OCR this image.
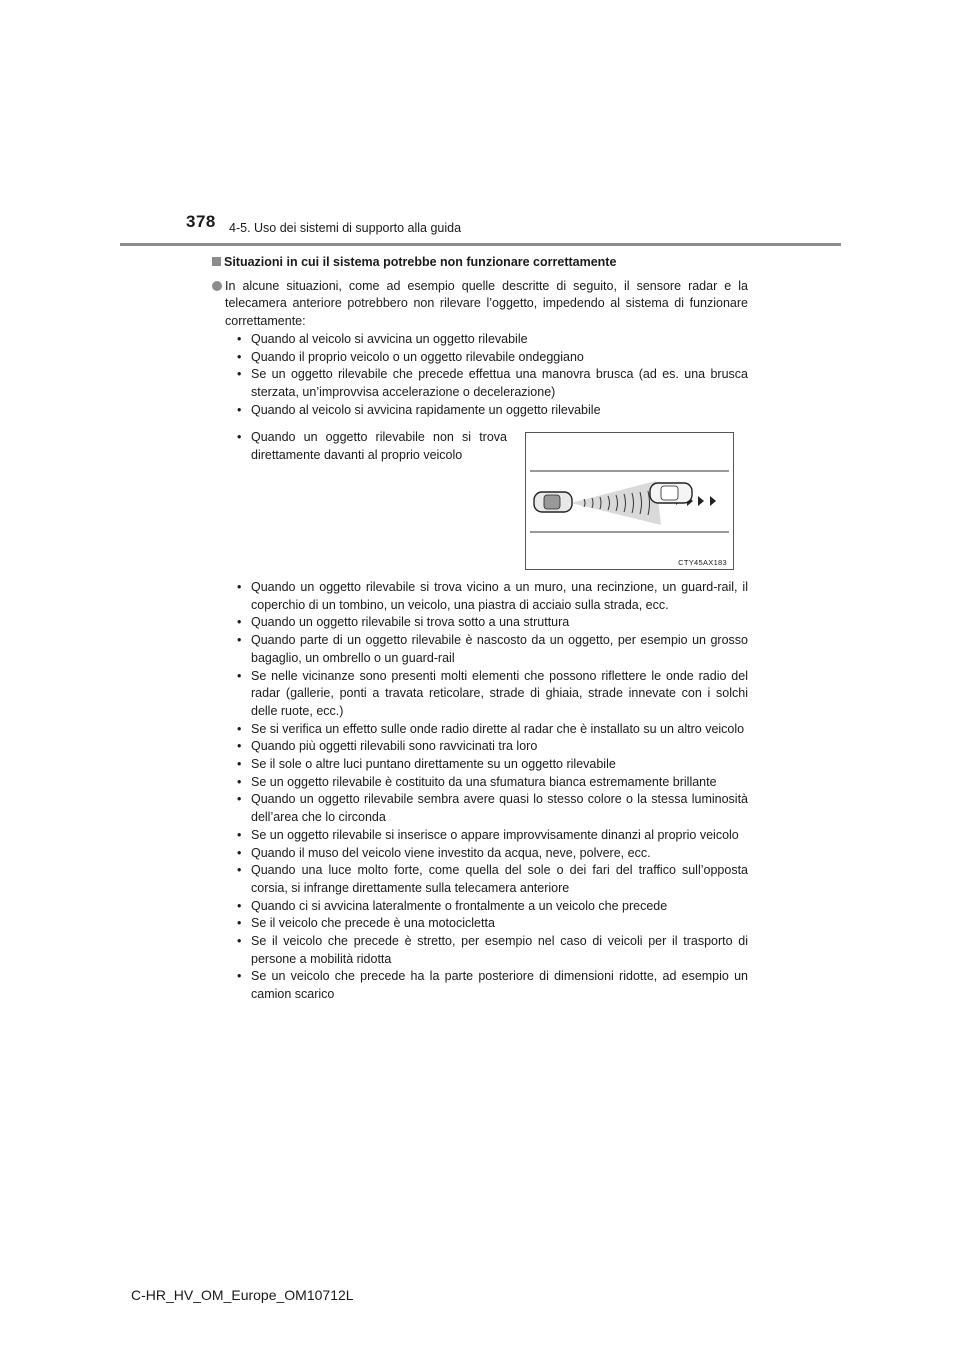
378 4-5. Uso dei sistemi di supporto alla guida

Situazioni in cui il sistema potrebbe non funzionare correttamente

In alcune situazioni, come ad esempio quelle descritte di seguito, il sensore radar e la telecamera anteriore potrebbero non rilevare l’oggetto, impedendo al sistema di funzionare correttamente:
• Quando al veicolo si avvicina un oggetto rilevabile
• Quando il proprio veicolo o un oggetto rilevabile ondeggiano
• Se un oggetto rilevabile che precede effettua una manovra brusca (ad es. una brusca sterzata, un’improvvisa accelerazione o decelerazione)
• Quando al veicolo si avvicina rapidamente un oggetto rilevabile
• Quando un oggetto rilevabile non si trova direttamente davanti al proprio veicolo
CTY45AX183
• Quando un oggetto rilevabile si trova vicino a un muro, una recinzione, un guard-rail, il coperchio di un tombino, un veicolo, una piastra di acciaio sulla strada, ecc.
• Quando un oggetto rilevabile si trova sotto a una struttura
• Quando parte di un oggetto rilevabile è nascosto da un oggetto, per esempio un grosso bagaglio, un ombrello o un guard-rail
• Se nelle vicinanze sono presenti molti elementi che possono riflettere le onde radio del radar (gallerie, ponti a travata reticolare, strade di ghiaia, strade innevate con i solchi delle ruote, ecc.)
• Se si verifica un effetto sulle onde radio dirette al radar che è installato su un altro veicolo
• Quando più oggetti rilevabili sono ravvicinati tra loro
• Se il sole o altre luci puntano direttamente su un oggetto rilevabile
• Se un oggetto rilevabile è costituito da una sfumatura bianca estremamente brillante
• Quando un oggetto rilevabile sembra avere quasi lo stesso colore o la stessa luminosità dell’area che lo circonda
• Se un oggetto rilevabile si inserisce o appare improvvisamente dinanzi al proprio veicolo
• Quando il muso del veicolo viene investito da acqua, neve, polvere, ecc.
• Quando una luce molto forte, come quella del sole o dei fari del traffico sull’opposta corsia, si infrange direttamente sulla telecamera anteriore
• Quando ci si avvicina lateralmente o frontalmente a un veicolo che precede
• Se il veicolo che precede è una motocicletta
• Se il veicolo che precede è stretto, per esempio nel caso di veicoli per il trasporto di persone a mobilità ridotta
• Se un veicolo che precede ha la parte posteriore di dimensioni ridotte, ad esempio un camion scarico
C-HR_HV_OM_Europe_OM10712L
